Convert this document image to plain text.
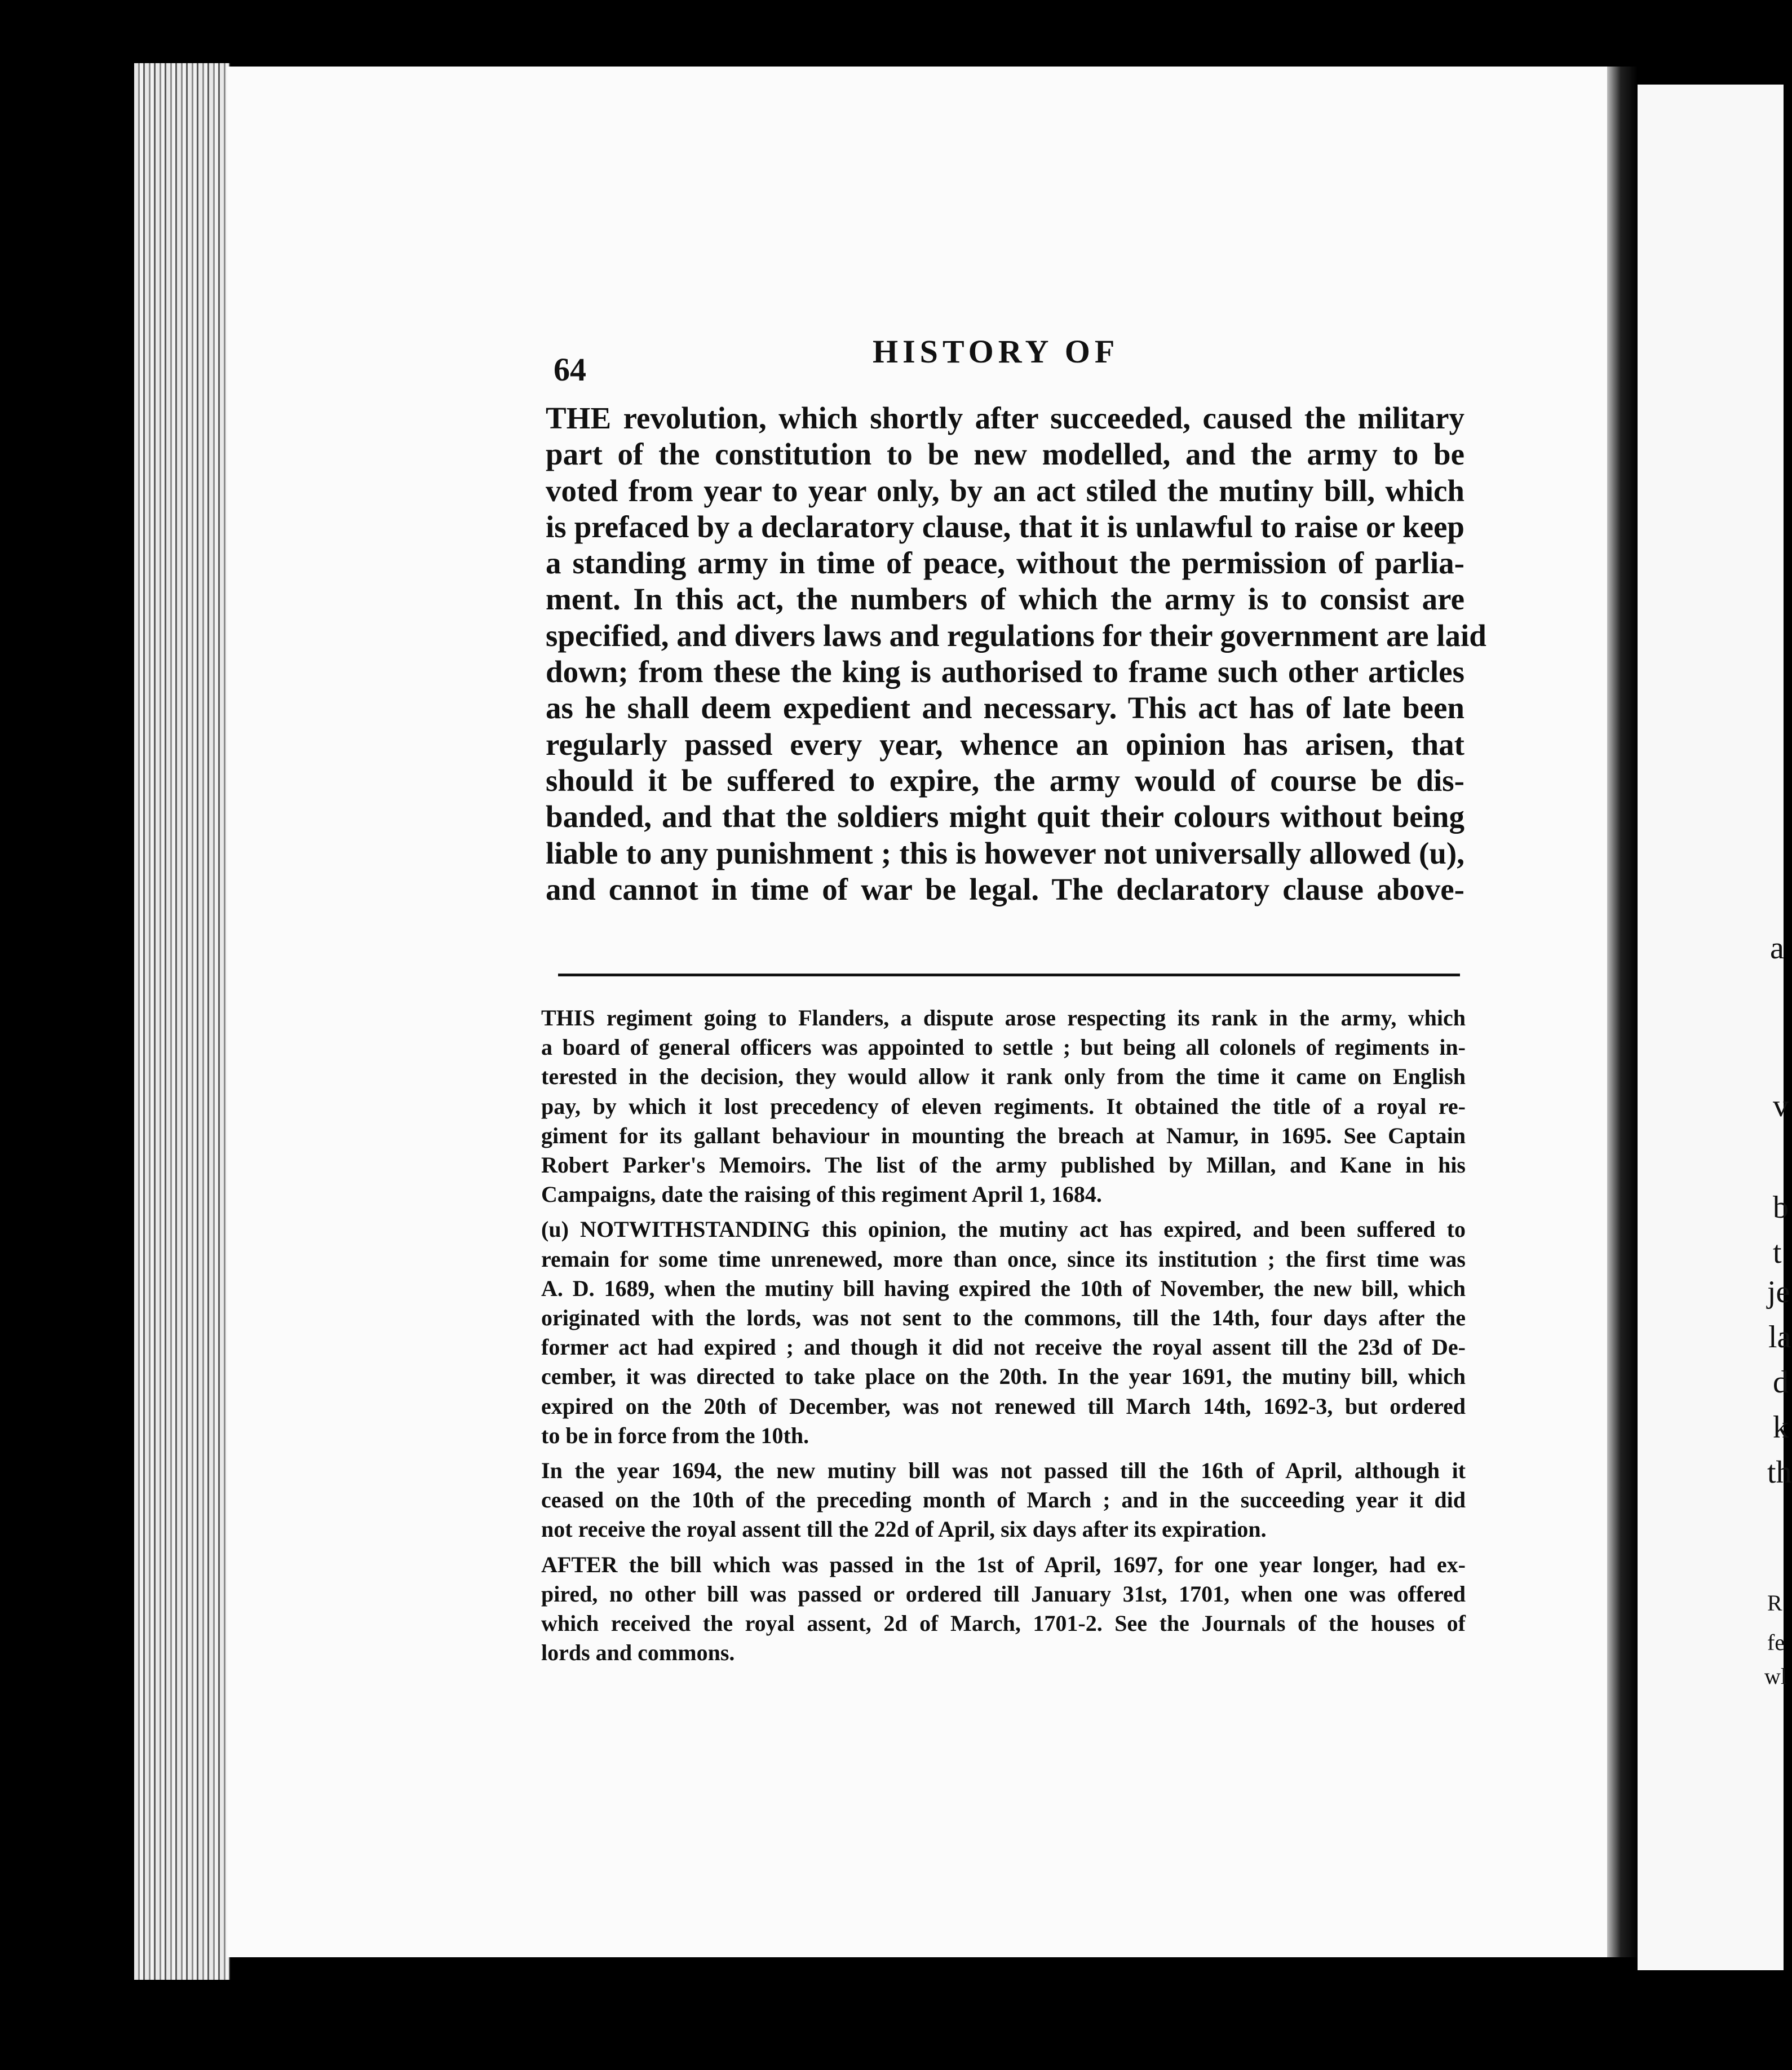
a
v
b
t
je
la
d
k
th
R
fe
wl
64	HISTORY OF
THE revolution, which shortly after succeeded, caused the military
part of the constitution to be new modelled, and the army to be
voted from year to year only, by an act stiled the mutiny bill, which
is prefaced by a declaratory clause, that it is unlawful to raise or keep
a standing army in time of peace, without the permission of parlia-
ment. In this act, the numbers of which the army is to consist are
specified, and divers laws and regulations for their government are laid
down; from these the king is authorised to frame such other articles
as he shall deem expedient and necessary. This act has of late been
regularly passed every year, whence an opinion has arisen, that
should it be suffered to expire, the army would of course be dis-
banded, and that the soldiers might quit their colours without being
liable to any punishment ; this is however not universally allowed (u),
and cannot in time of war be legal. The declaratory clause above-

THIS regiment going to Flanders, a dispute arose respecting its rank in the army, which
a board of general officers was appointed to settle ; but being all colonels of regiments in-
terested in the decision, they would allow it rank only from the time it came on English
pay, by which it lost precedency of eleven regiments. It obtained the title of a royal re-
giment for its gallant behaviour in mounting the breach at Namur, in 1695. See Captain
Robert Parker's Memoirs. The list of the army published by Millan, and Kane in his
Campaigns, date the raising of this regiment April 1, 1684.

(u) NOTWITHSTANDING this opinion, the mutiny act has expired, and been suffered to
remain for some time unrenewed, more than once, since its institution ; the first time was
A. D. 1689, when the mutiny bill having expired the 10th of November, the new bill, which
originated with the lords, was not sent to the commons, till the 14th, four days after the
former act had expired ; and though it did not receive the royal assent till the 23d of De-
cember, it was directed to take place on the 20th. In the year 1691, the mutiny bill, which
expired on the 20th of December, was not renewed till March 14th, 1692-3, but ordered
to be in force from the 10th.

In the year 1694, the new mutiny bill was not passed till the 16th of April, although it
ceased on the 10th of the preceding month of March ; and in the succeeding year it did
not receive the royal assent till the 22d of April, six days after its expiration.

AFTER the bill which was passed in the 1st of April, 1697, for one year longer, had ex-
pired, no other bill was passed or ordered till January 31st, 1701, when one was offered
which received the royal assent, 2d of March, 1701-2. See the Journals of the houses of
lords and commons.
